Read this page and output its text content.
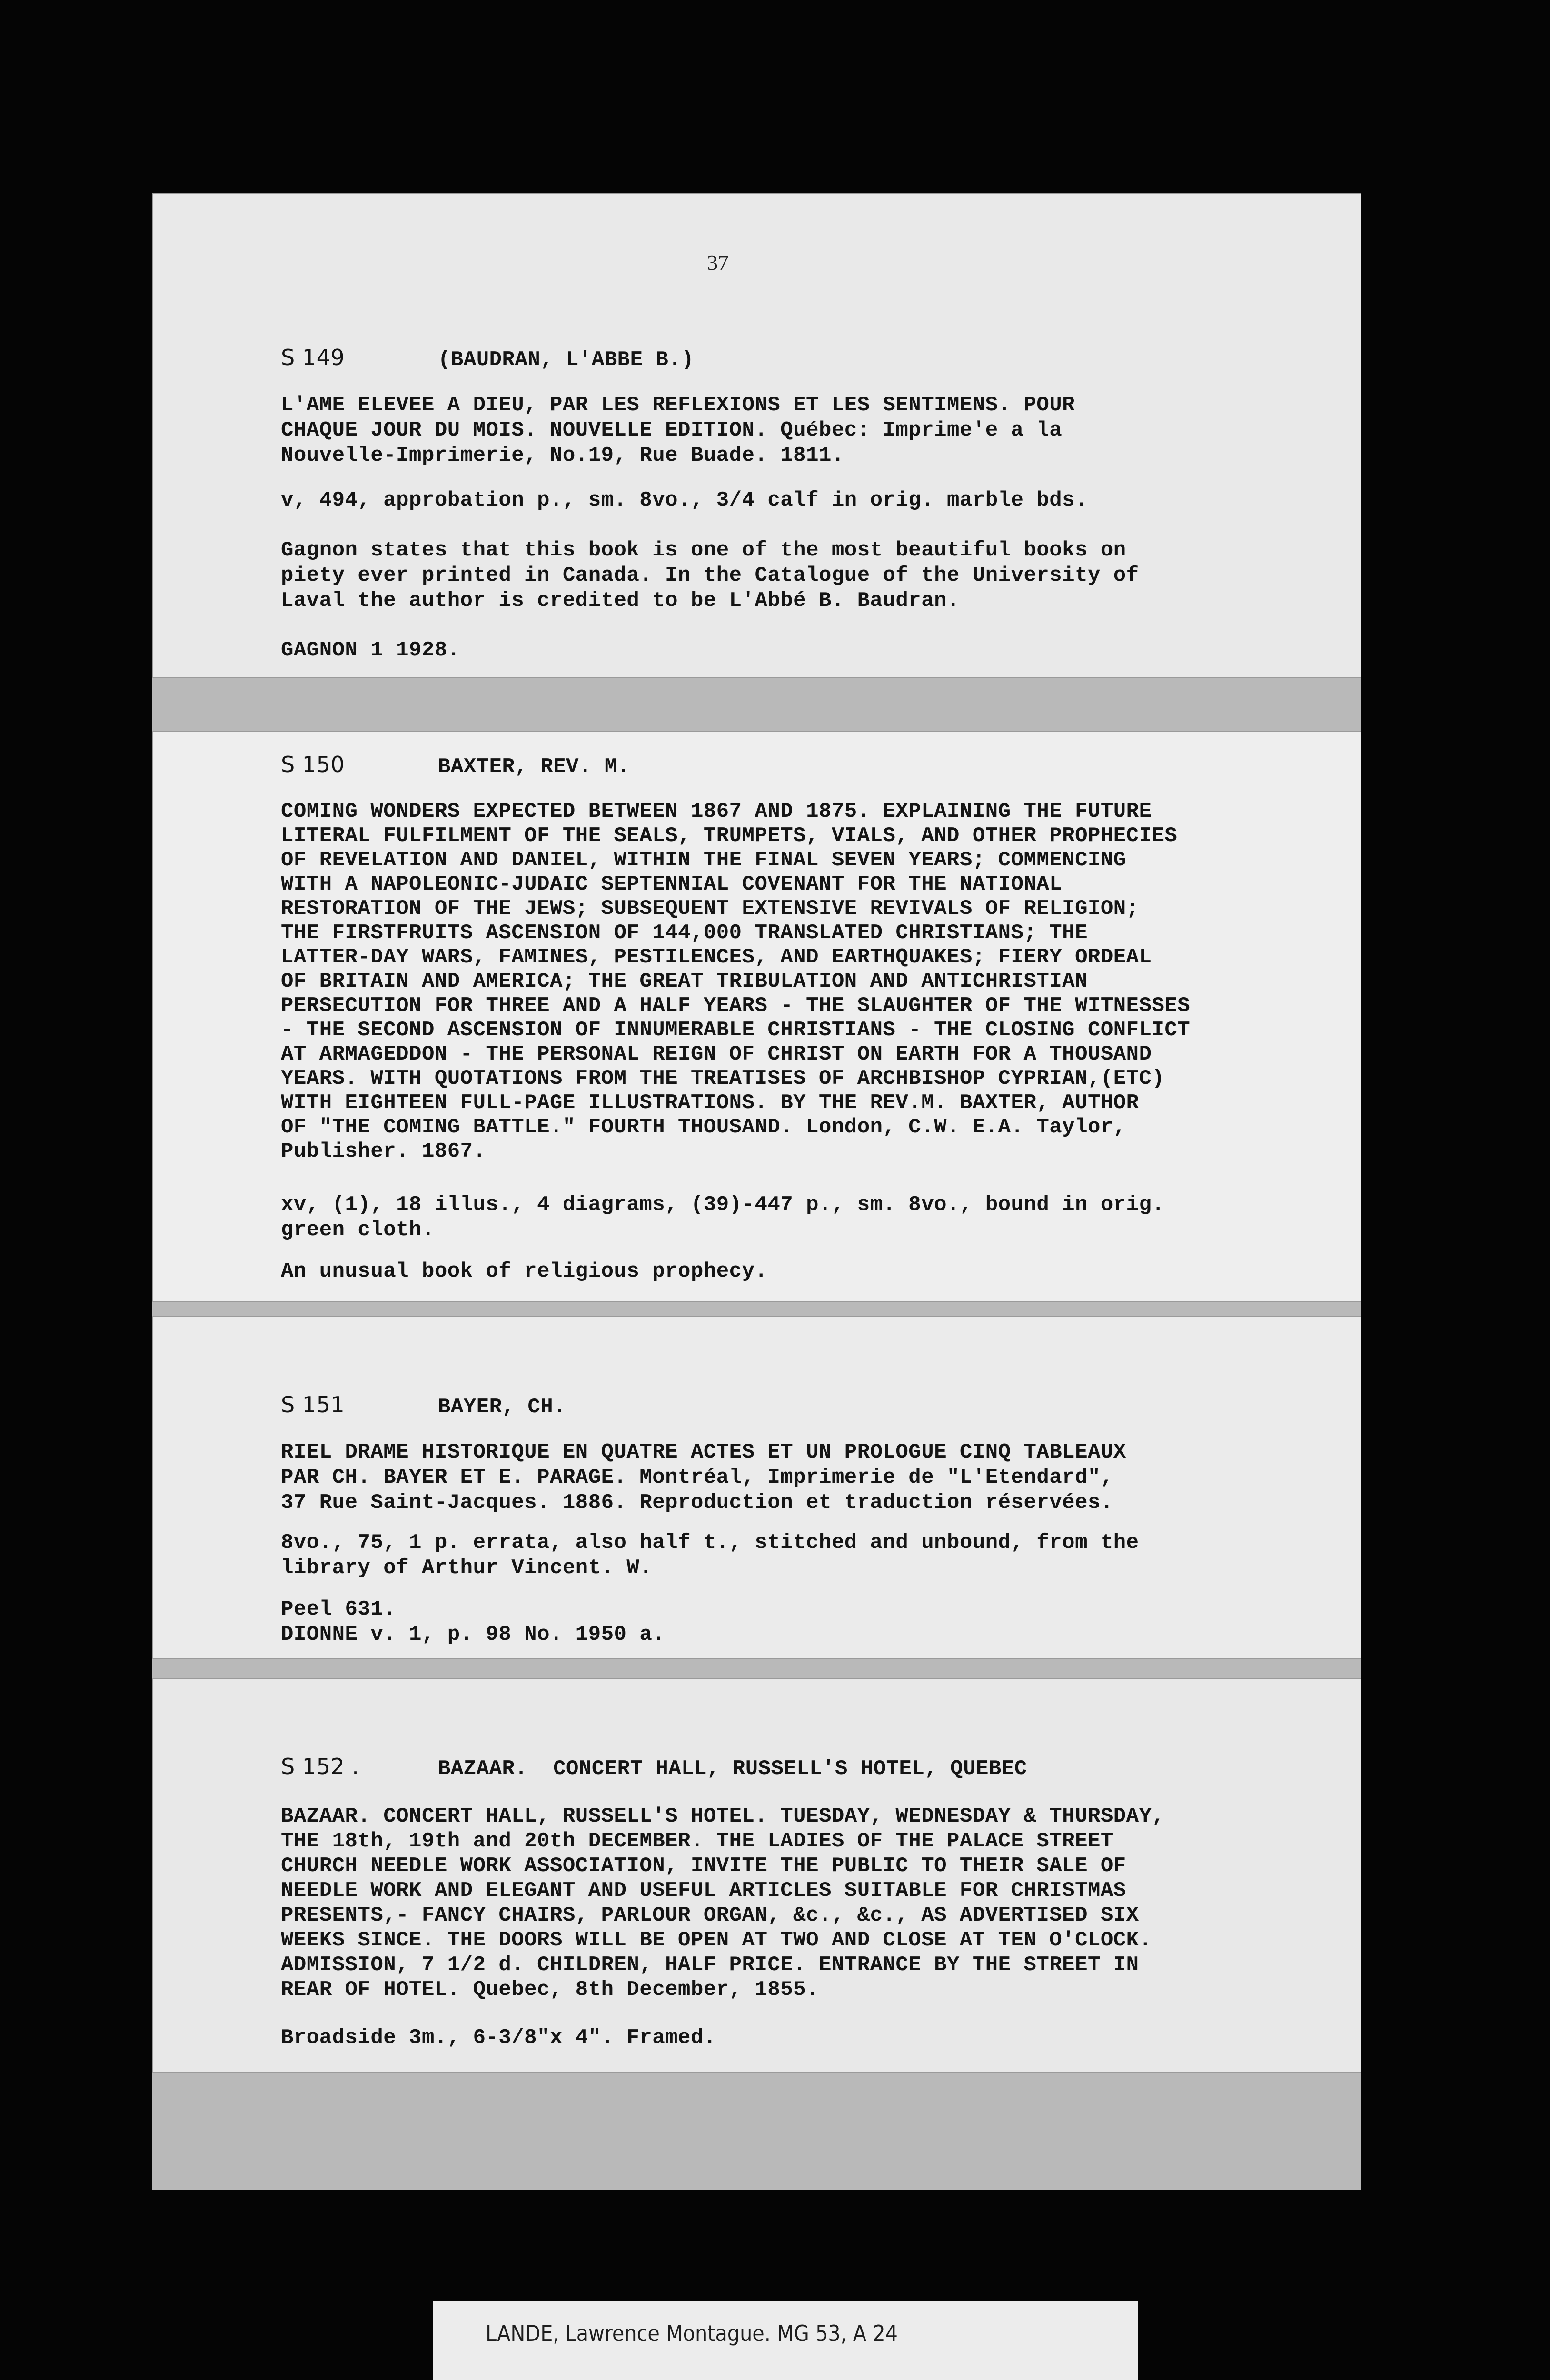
37
S 149	(BAUDRAN, L'ABBE B.)
L'AME ELEVEE A DIEU, PAR LES REFLEXIONS ET LES SENTIMENS. POUR
CHAQUE JOUR DU MOIS. NOUVELLE EDITION. Québec: Imprime'e a la
Nouvelle-Imprimerie, No.19, Rue Buade. 1811.
v, 494, approbation p., sm. 8vo., 3/4 calf in orig. marble bds.
Gagnon states that this book is one of the most beautiful books on
piety ever printed in Canada. In the Catalogue of the University of
Laval the author is credited to be L'Abbé B. Baudran.
GAGNON 1 1928.
S 150	BAXTER, REV. M.
COMING WONDERS EXPECTED BETWEEN 1867 AND 1875. EXPLAINING THE FUTURE
LITERAL FULFILMENT OF THE SEALS, TRUMPETS, VIALS, AND OTHER PROPHECIES
OF REVELATION AND DANIEL, WITHIN THE FINAL SEVEN YEARS; COMMENCING
WITH A NAPOLEONIC-JUDAIC SEPTENNIAL COVENANT FOR THE NATIONAL
RESTORATION OF THE JEWS; SUBSEQUENT EXTENSIVE REVIVALS OF RELIGION;
THE FIRSTFRUITS ASCENSION OF 144,000 TRANSLATED CHRISTIANS; THE
LATTER-DAY WARS, FAMINES, PESTILENCES, AND EARTHQUAKES; FIERY ORDEAL
OF BRITAIN AND AMERICA; THE GREAT TRIBULATION AND ANTICHRISTIAN
PERSECUTION FOR THREE AND A HALF YEARS - THE SLAUGHTER OF THE WITNESSES
- THE SECOND ASCENSION OF INNUMERABLE CHRISTIANS - THE CLOSING CONFLICT
AT ARMAGEDDON - THE PERSONAL REIGN OF CHRIST ON EARTH FOR A THOUSAND
YEARS. WITH QUOTATIONS FROM THE TREATISES OF ARCHBISHOP CYPRIAN,(ETC)
WITH EIGHTEEN FULL-PAGE ILLUSTRATIONS. BY THE REV.M. BAXTER, AUTHOR
OF "THE COMING BATTLE." FOURTH THOUSAND. London, C.W. E.A. Taylor,
Publisher. 1867.
xv, (1), 18 illus., 4 diagrams, (39)-447 p., sm. 8vo., bound in orig.
green cloth.
An unusual book of religious prophecy.
S 151	BAYER, CH.
RIEL DRAME HISTORIQUE EN QUATRE ACTES ET UN PROLOGUE CINQ TABLEAUX
PAR CH. BAYER ET E. PARAGE. Montréal, Imprimerie de "L'Etendard",
37 Rue Saint-Jacques. 1886. Reproduction et traduction réservées.
8vo., 75, 1 p. errata, also half t., stitched and unbound, from the
library of Arthur Vincent. W.
Peel 631.
DIONNE v. 1, p. 98 No. 1950 a.
S 152 .	BAZAAR.  CONCERT HALL, RUSSELL'S HOTEL, QUEBEC
BAZAAR. CONCERT HALL, RUSSELL'S HOTEL. TUESDAY, WEDNESDAY & THURSDAY,
THE 18th, 19th and 20th DECEMBER. THE LADIES OF THE PALACE STREET
CHURCH NEEDLE WORK ASSOCIATION, INVITE THE PUBLIC TO THEIR SALE OF
NEEDLE WORK AND ELEGANT AND USEFUL ARTICLES SUITABLE FOR CHRISTMAS
PRESENTS,- FANCY CHAIRS, PARLOUR ORGAN, &c., &c., AS ADVERTISED SIX
WEEKS SINCE. THE DOORS WILL BE OPEN AT TWO AND CLOSE AT TEN O'CLOCK.
ADMISSION, 7 1/2 d. CHILDREN, HALF PRICE. ENTRANCE BY THE STREET IN
REAR OF HOTEL. Quebec, 8th December, 1855.
Broadside 3m., 6-3/8"x 4". Framed.
LANDE, Lawrence Montague. MG 53, A 24
